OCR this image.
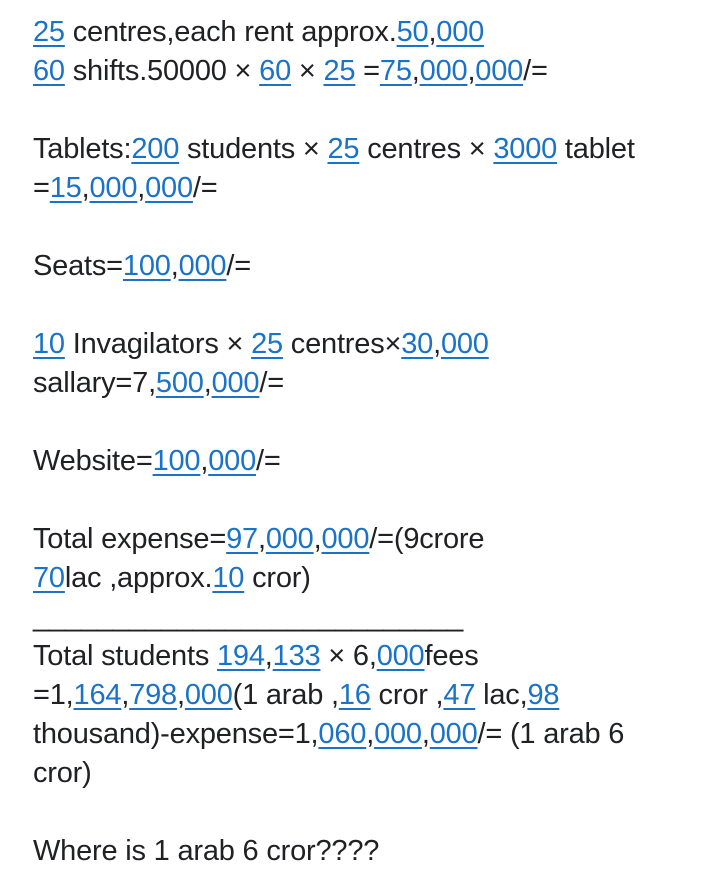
25 centres,each rent approx.50,000
60 shifts.50000 × 60 × 25 =75,000,000/=
Tablets:200 students × 25 centres × 3000 tablet
=15,000,000/=
Seats=100,000/=
10 Invagilators × 25 centres×30,000
sallary=7,500,000/=
Website=100,000/=
Total expense=97,000,000/=(9crore
70lac ,approx.10 cror)
___________________________
Total students 194,133 × 6,000fees
=1,164,798,000(1 arab ,16 cror ,47 lac,98
thousand)-expense=1,060,000,000/= (1 arab 6
cror)
Where is 1 arab 6 cror????
